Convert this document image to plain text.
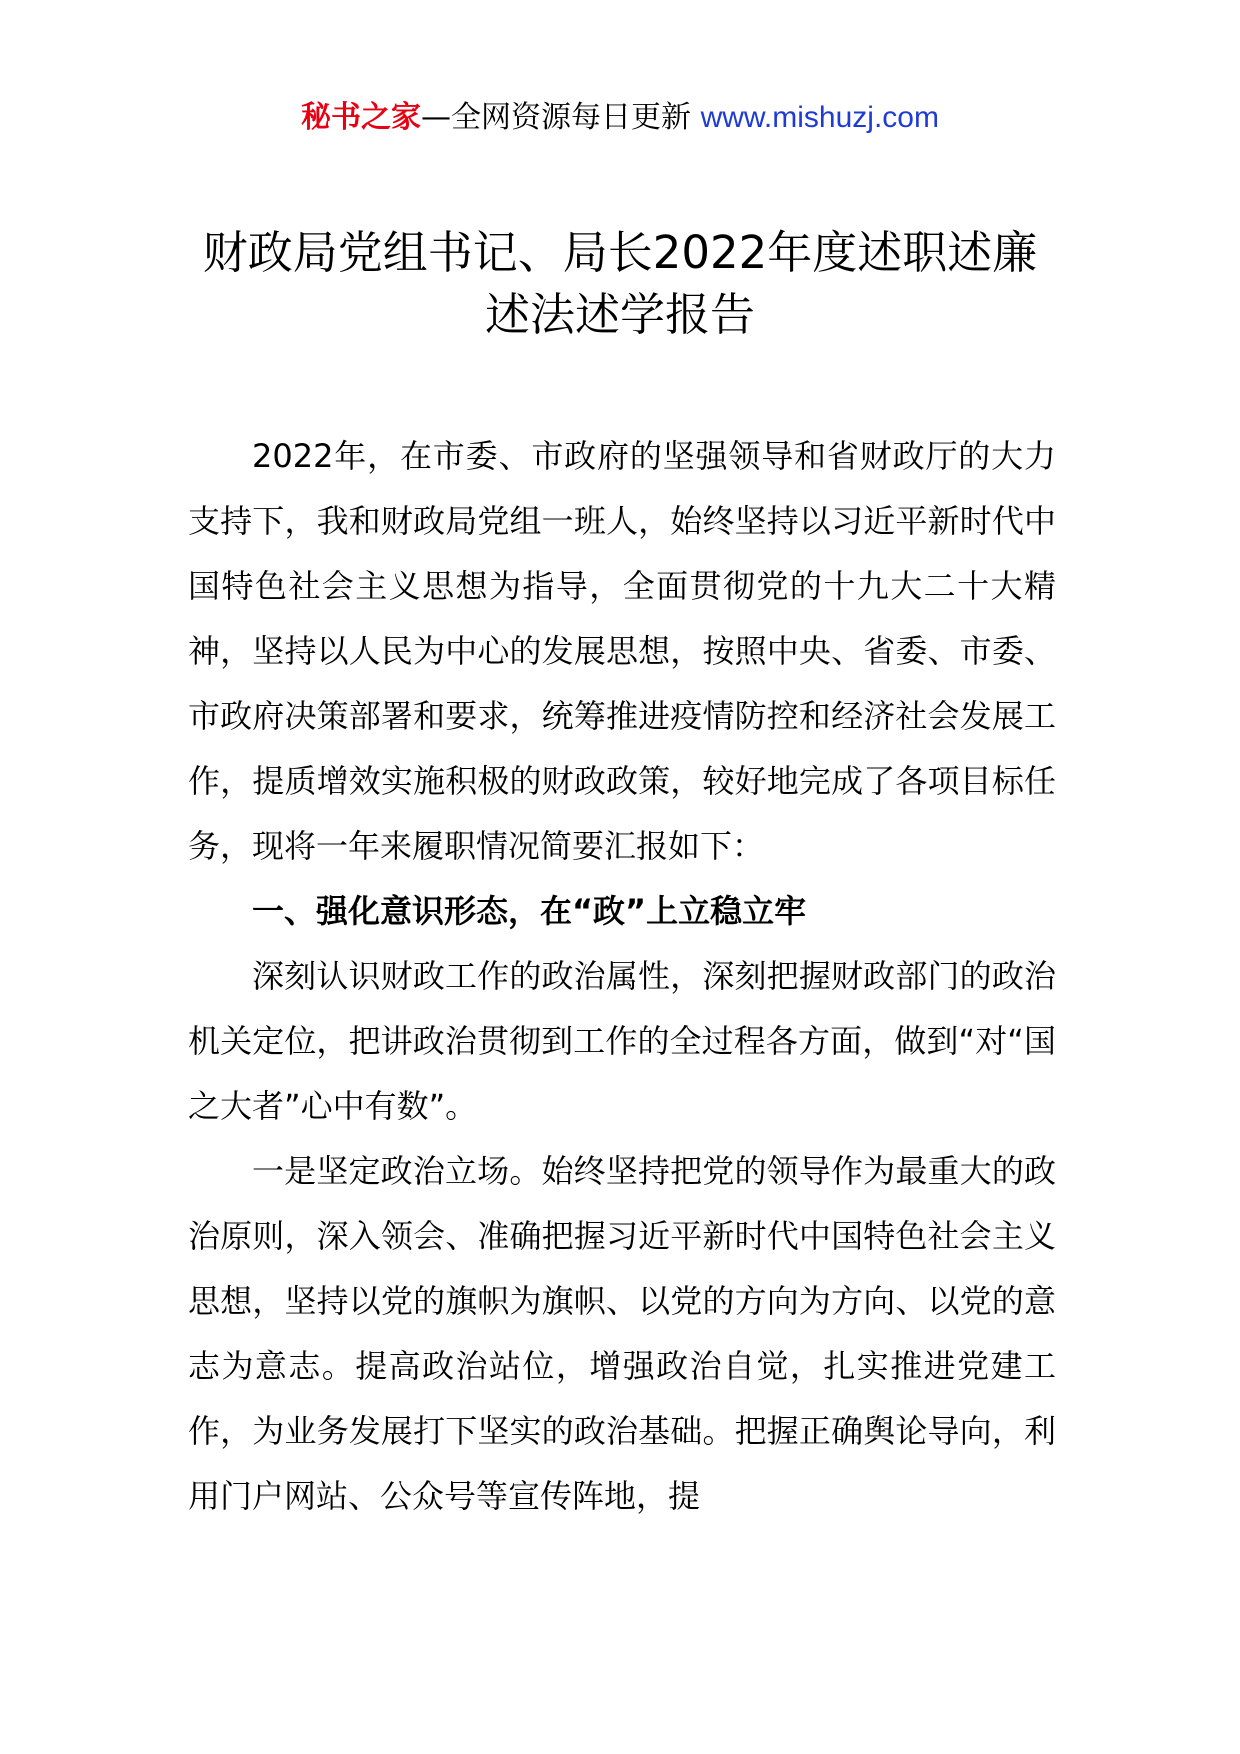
秘书之家—全网资源每日更新 www.mishuzj.com
财政局党组书记、局长2022年度述职述廉
述法述学报告

2022年，在市委、市政府的坚强领导和省财政厅的大力支持下，我和财政局党组一班人，始终坚持以习近平新时代中国特色社会主义思想为指导，全面贯彻党的十九大二十大精神，坚持以人民为中心的发展思想，按照中央、省委、市委、市政府决策部署和要求，统筹推进疫情防控和经济社会发展工作，提质增效实施积极的财政政策，较好地完成了各项目标任务，现将一年来履职情况简要汇报如下：

一、强化意识形态，在“政”上立稳立牢

深刻认识财政工作的政治属性，深刻把握财政部门的政治机关定位，把讲政治贯彻到工作的全过程各方面，做到“对“国之大者”心中有数”。

一是坚定政治立场。始终坚持把党的领导作为最重大的政治原则，深入领会、准确把握习近平新时代中国特色社会主义思想，坚持以党的旗帜为旗帜、以党的方向为方向、以党的意志为意志。提高政治站位，增强政治自觉，扎实推进党建工作，为业务发展打下坚实的政治基础。把握正确舆论导向，利用门户网站、公众号等宣传阵地，提
